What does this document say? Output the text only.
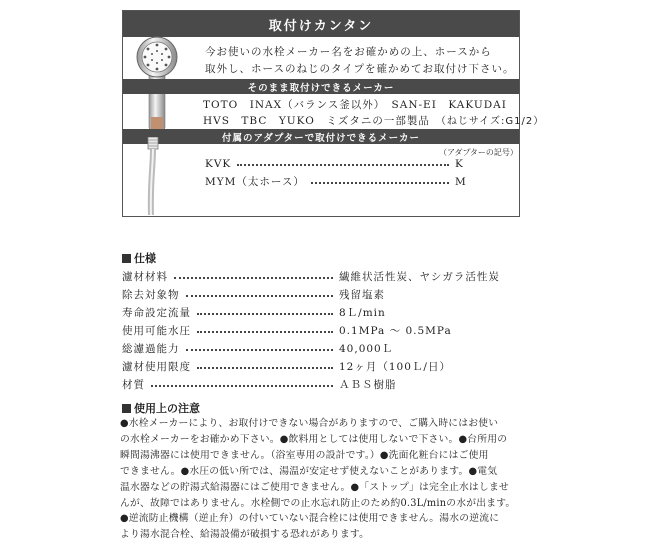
取付けカンタン
今お使いの水栓メーカー名をお確かめの上、ホースから
取外し、ホースのねじのタイプを確かめてお取付け下さい。
そのまま取付けできるメーカー
TOTO　INAX（バランス釜以外）　SAN-EI　KAKUDAI
HVS　TBC　YUKO　ミズタニの一部製品 （ねじサイズ:G1/2）
付属のアダプターで取付けできるメーカー
（アダプターの記号）
KVK	K
MYM（太ホース）	M
仕様
濾材材料	繊維状活性炭、ヤシガラ活性炭
除去対象物	残留塩素
寿命設定流量	8Ｌ/min
使用可能水圧	0.1MPa ～ 0.5MPa
総濾過能力	40,000Ｌ
濾材使用限度	12ヶ月（100Ｌ/日）
材質	ＡＢＳ樹脂
使用上の注意
●水栓メーカーにより、お取付けできない場合がありますので、ご購入時にはお使い
の水栓メーカーをお確かめ下さい。●飲料用としては使用しないで下さい。●台所用の
瞬間湯沸器には使用できません。（浴室専用の設計です。）●洗面化粧台にはご使用
できません。●水圧の低い所では、湯温が安定せず使えないことがあります。●電気
温水器などの貯湯式給湯器にはご使用できません。●「ストップ」は完全止水はしませ
んが、故障ではありません。水栓側での止水忘れ防止のため約0.3L/minの水が出ます。
●逆流防止機構（逆止弁）の付いていない混合栓には使用できません。湯水の逆流に
より湯水混合栓、給湯設備が破損する恐れがあります。
